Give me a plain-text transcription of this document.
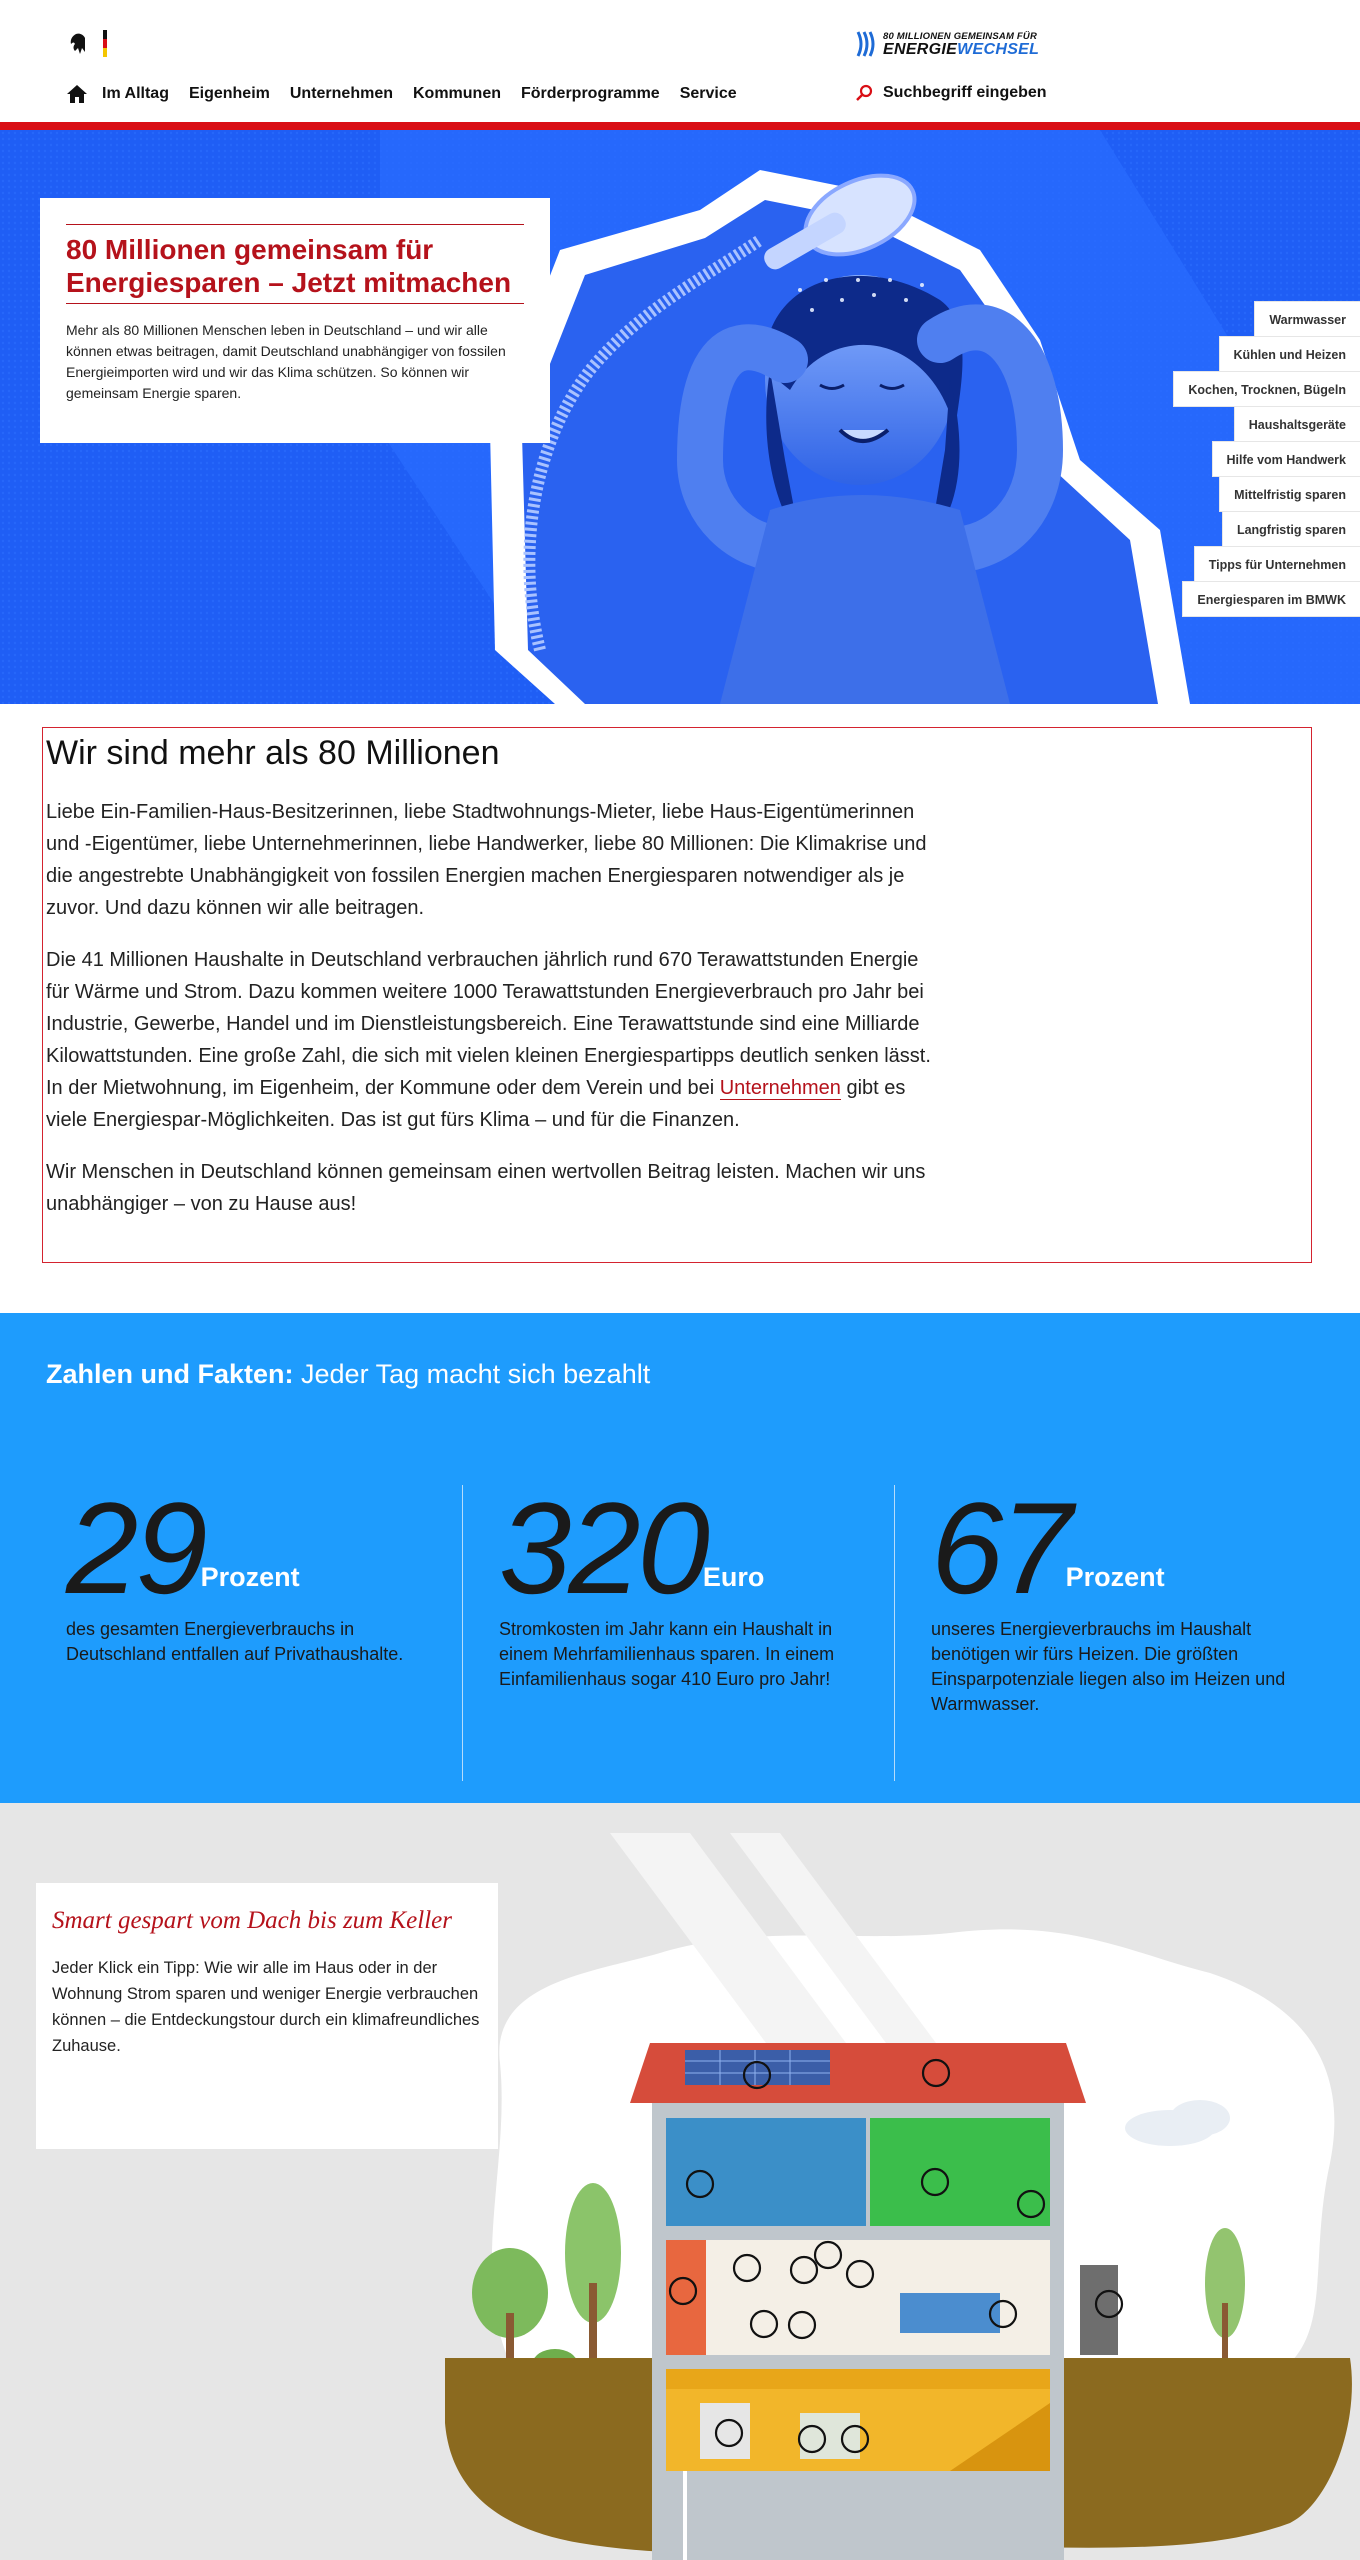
Im Alltag Eigenheim Unternehmen Kommunen Förderprogramme Service
80 MILLIONEN GEMEINSAM FÜR
ENERGIEWECHSEL
Suchbegriff eingeben
80 Millionen gemeinsam für Energiesparen – Jetzt mitmachen

Mehr als 80 Millionen Menschen leben in Deutschland – und wir alle können etwas beitragen, damit Deutschland unabhängiger von fossilen Energieimporten wird und wir das Klima schützen. So können wir gemeinsam Energie sparen.

Warmwasser
Kühlen und Heizen
Kochen, Trocknen, Bügeln
Haushaltsgeräte
Hilfe vom Handwerk
Mittelfristig sparen
Langfristig sparen
Tipps für Unternehmen
Energiesparen im BMWK
Wir sind mehr als 80 Millionen

Liebe Ein-Familien-Haus-Besitzerinnen, liebe Stadtwohnungs-Mieter, liebe Haus-Eigentümerinnen und -Eigentümer, liebe Unternehmerinnen, liebe Handwerker, liebe 80 Millionen: Die Klimakrise und die angestrebte Unabhängigkeit von fossilen Energien machen Energiesparen notwendiger als je zuvor. Und dazu können wir alle beitragen.

Die 41 Millionen Haushalte in Deutschland verbrauchen jährlich rund 670 Terawattstunden Energie für Wärme und Strom. Dazu kommen weitere 1000 Terawattstunden Energieverbrauch pro Jahr bei Industrie, Gewerbe, Handel und im Dienstleistungsbereich. Eine Terawattstunde sind eine Milliarde Kilowattstunden. Eine große Zahl, die sich mit vielen kleinen Energiespartipps deutlich senken lässt. In der Mietwohnung, im Eigenheim, der Kommune oder dem Verein und bei Unternehmen gibt es viele Energiespar-Möglichkeiten. Das ist gut fürs Klima – und für die Finanzen.

Wir Menschen in Deutschland können gemeinsam einen wertvollen Beitrag leisten. Machen wir uns unabhängiger – von zu Hause aus!

Zahlen und Fakten: Jeder Tag macht sich bezahlt
29Prozent
des gesamten Energieverbrauchs in Deutschland entfallen auf Privathaushalte.
320Euro
Stromkosten im Jahr kann ein Haushalt in einem Mehrfamilienhaus sparen. In einem Einfamilienhaus sogar 410 Euro pro Jahr!
67Prozent
unseres Energieverbrauchs im Haushalt benötigen wir fürs Heizen. Die größten Einsparpotenziale liegen also im Heizen und Warmwasser.
Smart gespart vom Dach bis zum Keller

Jeder Klick ein Tipp: Wie wir alle im Haus oder in der Wohnung Strom sparen und weniger Energie verbrauchen können – die Entdeckungstour durch ein klimafreundliches Zuhause.
